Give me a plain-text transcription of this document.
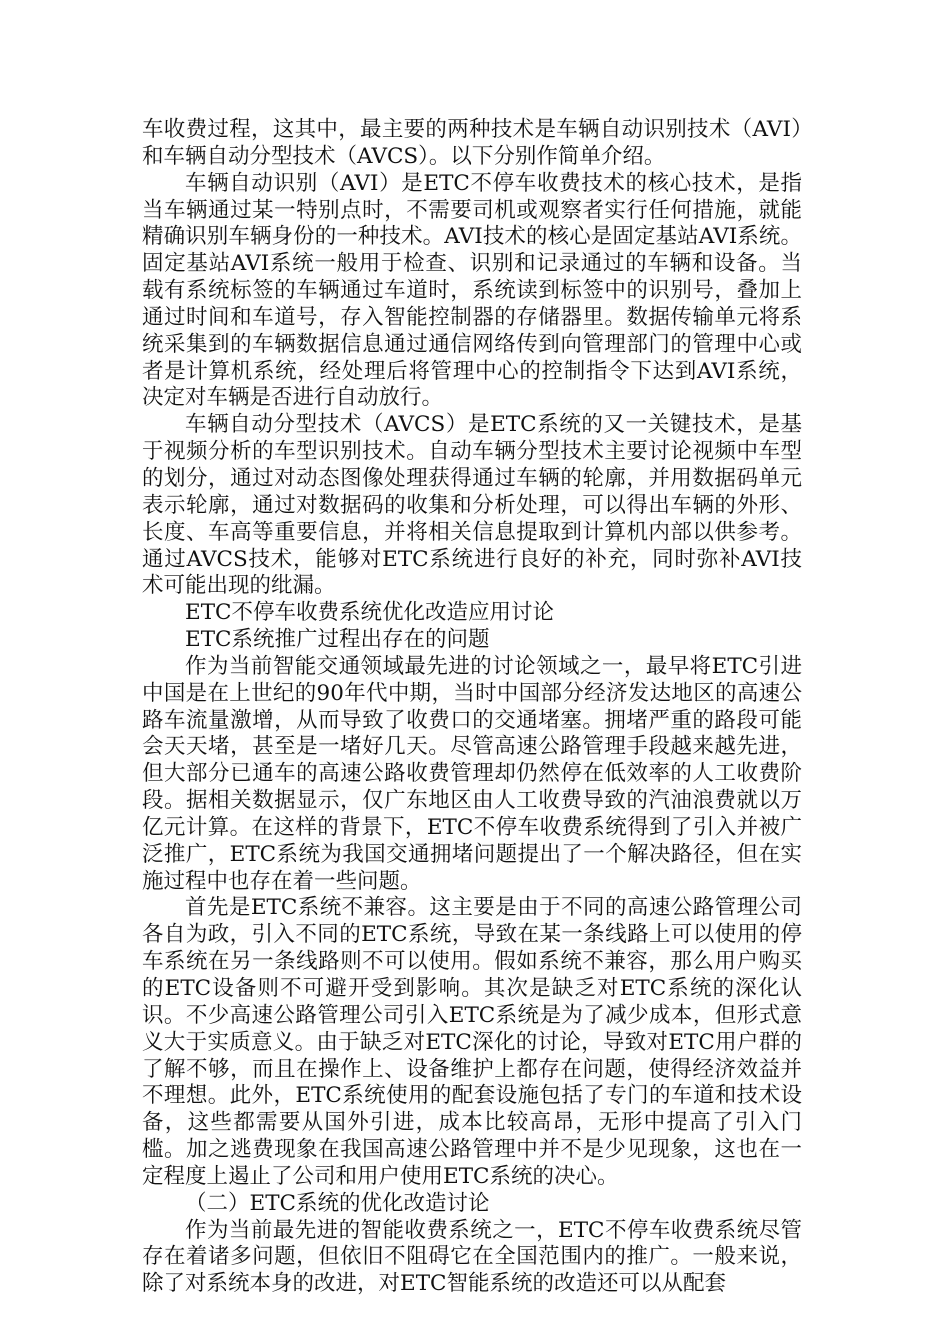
车收费过程，这其中，最主要的两种技术是车辆自动识别技术（AVI）和车辆自动分型技术（AVCS）。以下分别作简单介绍。

车辆自动识别（AVI）是ETC不停车收费技术的核心技术，是指当车辆通过某一特别点时，不需要司机或观察者实行任何措施，就能精确识别车辆身份的一种技术。AVI技术的核心是固定基站AVI系统。固定基站AVI系统一般用于检查、识别和记录通过的车辆和设备。当载有系统标签的车辆通过车道时，系统读到标签中的识别号，叠加上通过时间和车道号，存入智能控制器的存储器里。数据传输单元将系统采集到的车辆数据信息通过通信网络传到向管理部门的管理中心或者是计算机系统，经处理后将管理中心的控制指令下达到AVI系统，决定对车辆是否进行自动放行。

车辆自动分型技术（AVCS）是ETC系统的又一关键技术，是基于视频分析的车型识别技术。自动车辆分型技术主要讨论视频中车型的划分，通过对动态图像处理获得通过车辆的轮廓，并用数据码单元表示轮廓，通过对数据码的收集和分析处理，可以得出车辆的外形、长度、车高等重要信息，并将相关信息提取到计算机内部以供参考。通过AVCS技术，能够对ETC系统进行良好的补充，同时弥补AVI技术可能出现的纰漏。

ETC不停车收费系统优化改造应用讨论

ETC系统推广过程出存在的问题

作为当前智能交通领域最先进的讨论领域之一，最早将ETC引进中国是在上世纪的90年代中期，当时中国部分经济发达地区的高速公路车流量激增，从而导致了收费口的交通堵塞。拥堵严重的路段可能会天天堵，甚至是一堵好几天。尽管高速公路管理手段越来越先进，但大部分已通车的高速公路收费管理却仍然停在低效率的人工收费阶段。据相关数据显示，仅广东地区由人工收费导致的汽油浪费就以万亿元计算。在这样的背景下，ETC不停车收费系统得到了引入并被广泛推广，ETC系统为我国交通拥堵问题提出了一个解决路径，但在实施过程中也存在着一些问题。

首先是ETC系统不兼容。这主要是由于不同的高速公路管理公司各自为政，引入不同的ETC系统，导致在某一条线路上可以使用的停车系统在另一条线路则不可以使用。假如系统不兼容，那么用户购买的ETC设备则不可避开受到影响。其次是缺乏对ETC系统的深化认识。不少高速公路管理公司引入ETC系统是为了减少成本，但形式意义大于实质意义。由于缺乏对ETC深化的讨论，导致对ETC用户群的了解不够，而且在操作上、设备维护上都存在问题，使得经济效益并不理想。此外，ETC系统使用的配套设施包括了专门的车道和技术设备，这些都需要从国外引进，成本比较高昂，无形中提高了引入门槛。加之逃费现象在我国高速公路管理中并不是少见现象，这也在一定程度上遏止了公司和用户使用ETC系统的决心。

（二）ETC系统的优化改造讨论

作为当前最先进的智能收费系统之一，ETC不停车收费系统尽管存在着诸多问题，但依旧不阻碍它在全国范围内的推广。一般来说，除了对系统本身的改进，对ETC智能系统的改造还可以从配套
